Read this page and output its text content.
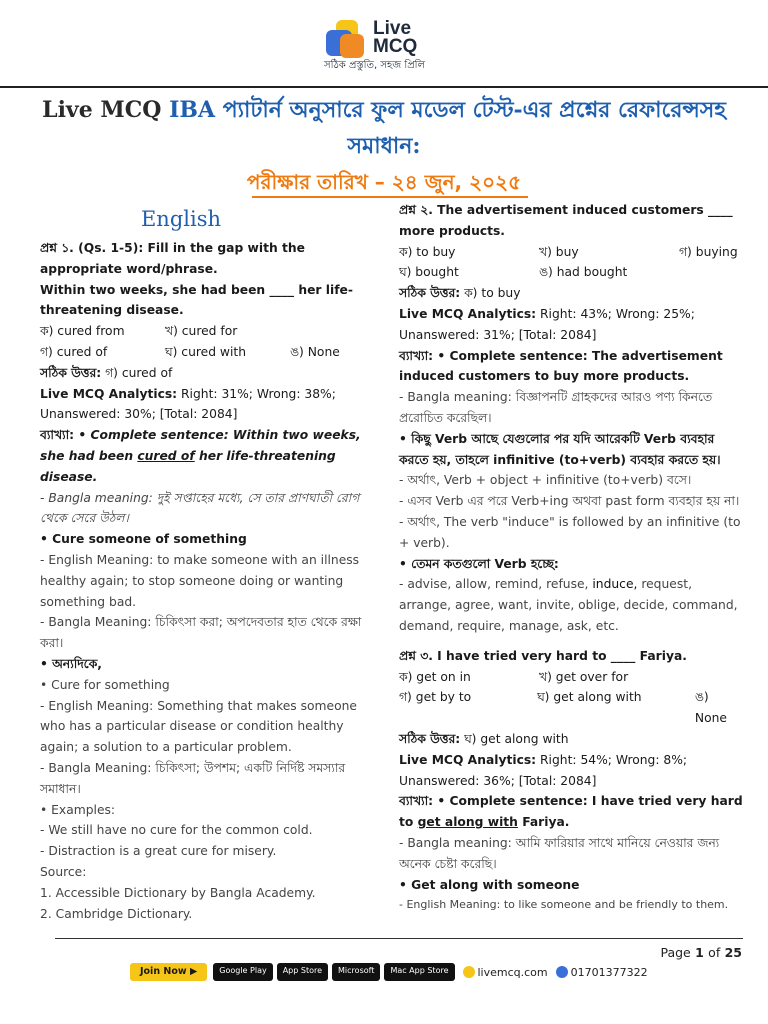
Live
MCQ
সঠিক প্রস্তুতি, সহজ প্রিলি
Live MCQ IBA প্যাটার্ন অনুসারে ফুল মডেল টেস্ট-এর প্রশ্নের রেফারেন্সসহ সমাধান:
পরীক্ষার তারিখ – ২৪ জুন, ২০২৫
English

প্রশ্ন ১. (Qs. 1-5): Fill in the gap with the appropriate word/phrase.

Within two weeks, she had been ____ her life-threatening disease.

ক) cured from	খ) cured for
গ) cured of	ঘ) cured with	ঙ) None

সঠিক উত্তর: গ) cured of

Live MCQ Analytics: Right: 31%; Wrong: 38%; Unanswered: 30%; [Total: 2084]

ব্যাখ্যা: • Complete sentence: Within two weeks, she had been cured of her life-threatening disease.

- Bangla meaning: দুই সপ্তাহের মধ্যে, সে তার প্রাণঘাতী রোগ থেকে সেরে উঠল।

• Cure someone of something

- English Meaning: to make someone with an illness healthy again; to stop someone doing or wanting something bad.

- Bangla Meaning: চিকিৎসা করা; অপদেবতার হাত থেকে রক্ষা করা।

• অন্যদিকে,

• Cure for something

- English Meaning: Something that makes someone who has a particular disease or condition healthy again; a solution to a particular problem.

- Bangla Meaning: চিকিৎসা; উপশম; একটি নির্দিষ্ট সমস্যার সমাধান।

• Examples:

- We still have no cure for the common cold.

- Distraction is a great cure for misery.

Source:

1. Accessible Dictionary by Bangla Academy.

2. Cambridge Dictionary.

প্রশ্ন ২. The advertisement induced customers ____ more products.

ক) to buy	খ) buy	গ) buying
ঘ) bought	ঙ) had bought

সঠিক উত্তর: ক) to buy

Live MCQ Analytics: Right: 43%; Wrong: 25%; Unanswered: 31%; [Total: 2084]

ব্যাখ্যা: • Complete sentence: The advertisement induced customers to buy more products.

- Bangla meaning: বিজ্ঞাপনটি গ্রাহকদের আরও পণ্য কিনতে প্ররোচিত করেছিল।

• কিছু Verb আছে যেগুলোর পর যদি আরেকটি Verb ব্যবহার করতে হয়, তাহলে infinitive (to+verb) ব্যবহার করতে হয়।

- অর্থাৎ, Verb + object + infinitive (to+verb) বসে।

- এসব Verb এর পরে Verb+ing অথবা past form ব্যবহার হয় না।

- অর্থাৎ, The verb "induce" is followed by an infinitive (to + verb).

• তেমন কতগুলো Verb হচ্ছে:

- advise, allow, remind, refuse, induce, request, arrange, agree, want, invite, oblige, decide, command, demand, require, manage, ask, etc.

প্রশ্ন ৩. I have tried very hard to ____ Fariya.

ক) get on in	খ) get over for
গ) get by to	ঘ) get along with	ঙ) None

সঠিক উত্তর: ঘ) get along with

Live MCQ Analytics: Right: 54%; Wrong: 8%; Unanswered: 36%; [Total: 2084]

ব্যাখ্যা: • Complete sentence: I have tried very hard to get along with Fariya.

- Bangla meaning: আমি ফারিয়ার সাথে মানিয়ে নেওয়ার জন্য অনেক চেষ্টা করেছি।

• Get along with someone

- English Meaning: to like someone and be friendly to them.

Page 1 of 25
Join Now ▶	Google Play	App Store	Microsoft	Mac App Store	livemcq.com 01701377322
